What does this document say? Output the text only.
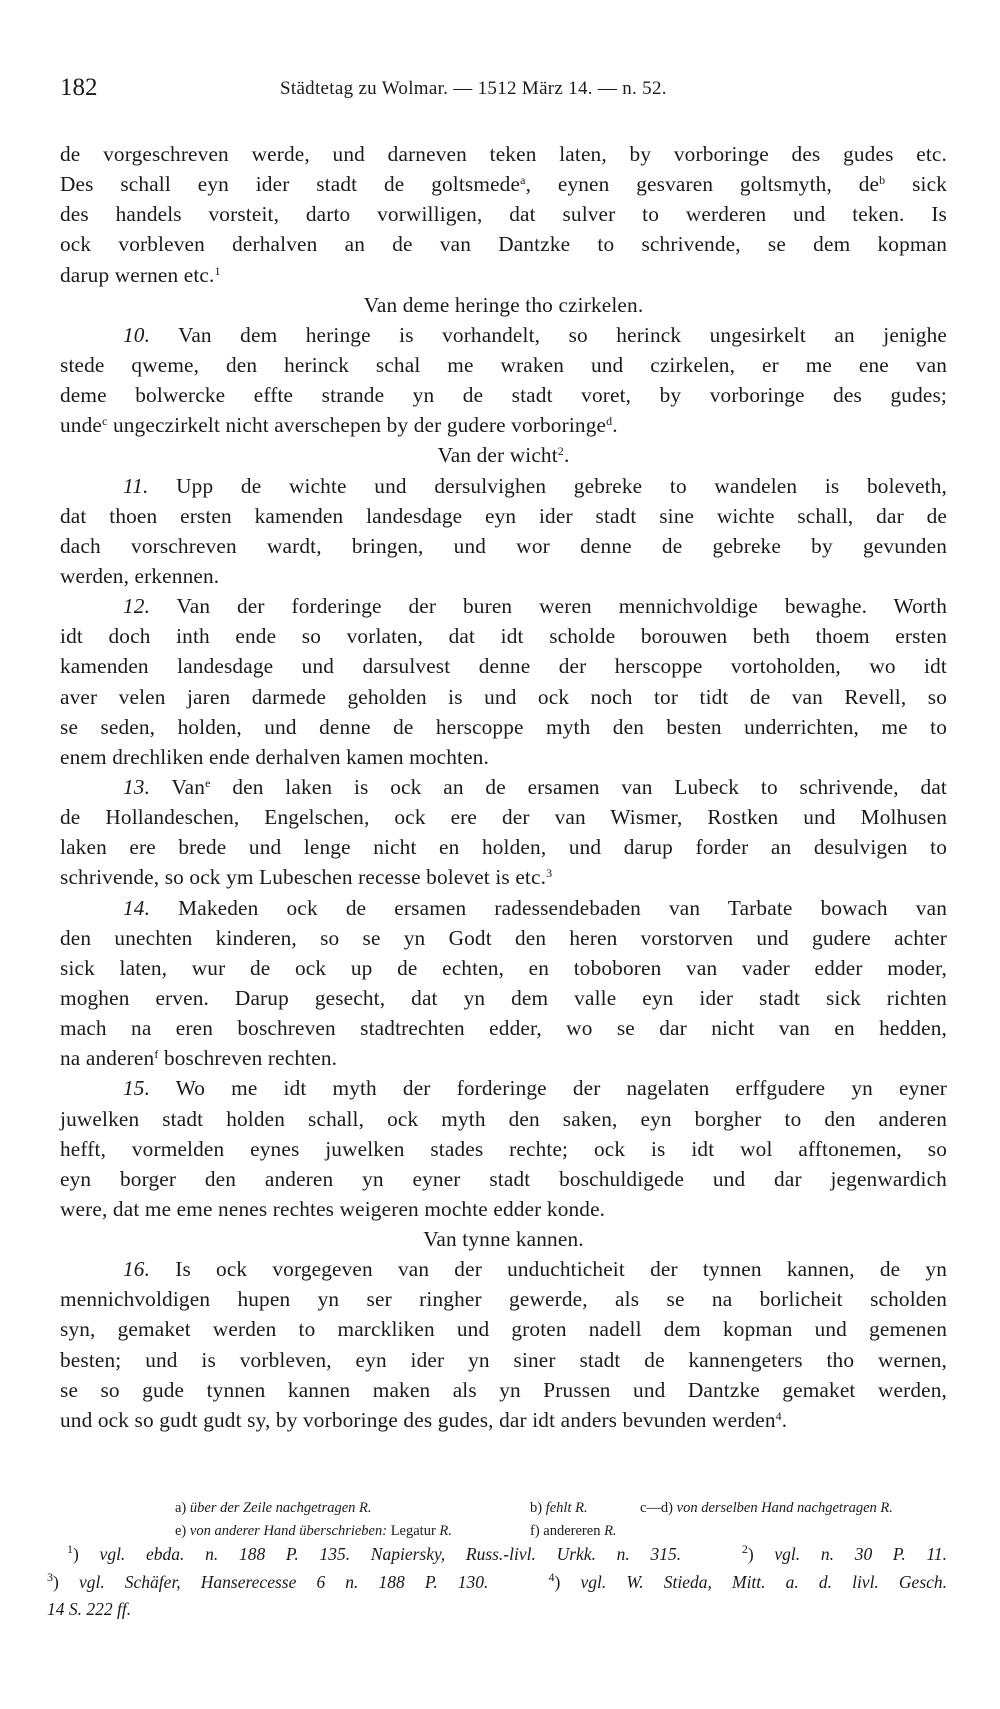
182	Städtetag zu Wolmar. — 1512 März 14. — n. 52.
de vorgeschreven werde, und darneven teken laten, by vorboringe des gudes etc.
Des schall eyn ider stadt de goltsmede$^a$, eynen gesvaren goltsmyth, $de^b$ sick
des handels vorsteit, darto vorwilligen, dat sulver to werderen und teken. Is
ock vorbleven derhalven an de van Dantzke to schrivende, se dem kopman
darup wernen etc.$^1$
Van deme heringe tho czirkelen.
10. Van dem heringe is vorhandelt, so herinck ungesirkelt an jenighe
stede qweme, den herinck schal me wraken und czirkelen, er me ene van
deme bolwercke effte strande yn de stadt voret, by vorboringe des gudes;
unde$^c$ ungeczirkelt nicht averschepen by der gudere vorboringe$^d$.
Van der wicht$^2$.
11. Upp de wichte und dersulvighen gebreke to wandelen is boleveth,
dat thoen ersten kamenden landesdage eyn ider stadt sine wichte schall, dar de
dach vorschreven wardt, bringen, und wor denne de gebreke by gevunden
werden, erkennen.
12. Van der forderinge der buren weren mennichvoldige bewaghe. Worth
idt doch inth ende so vorlaten, dat idt scholde borouwen beth thoem ersten
kamenden landesdage und darsulvest denne der herscoppe vortoholden, wo idt
aver velen jaren darmede geholden is und ock noch tor tidt de van Revell, so
se seden, holden, und denne de herscoppe myth den besten underrichten, me to
enem drechliken ende derhalven kamen mochten.
13. Van$^e$ den laken is ock an de ersamen van Lubeck to schrivende, dat
de Hollandeschen, Engelschen, ock ere der van Wismer, Rostken und Molhusen
laken ere brede und lenge nicht en holden, und darup forder an desulvigen to
schrivende, so ock ym Lubeschen recesse bolevet is etc.$^3$
14. Makeden ock de ersamen radessendebaden van Tarbate bowach van
den unechten kinderen, so se yn Godt den heren vorstorven und gudere achter
sick laten, wur de ock up de echten, en toboboren van vader edder moder,
moghen erven. Darup gesecht, dat yn dem valle eyn ider stadt sick richten
mach na eren boschreven stadtrechten edder, wo se dar nicht van en hedden,
na anderen$^f$ boschreven rechten.
15. Wo me idt myth der forderinge der nagelaten erffgudere yn eyner
juwelken stadt holden schall, ock myth den saken, eyn borgher to den anderen
hefft, vormelden eynes juwelken stades rechte; ock is idt wol afftonemen, so
eyn borger den anderen yn eyner stadt boschuldigede und dar jegenwardich
were, dat me eme nenes rechtes weigeren mochte edder konde.
Van tynne kannen.
16. Is ock vorgegeven van der unduchticheit der tynnen kannen, de yn
mennichvoldigen hupen yn ser ringher gewerde, als se na borlicheit scholden
syn, gemaket werden to marckliken und groten nadell dem kopman und gemenen
besten; und is vorbleven, eyn ider yn siner stadt de kannengeters tho wernen,
se so gude tynnen kannen maken als yn Prussen und Dantzke gemaket werden,
und ock so gudt gudt sy, by vorboringe des gudes, dar idt anders bevunden werden$^4$.
a) über der Zeile nachgetragen R.	b) fehlt R.	c—d) von derselben Hand nachgetragen R.
e) von anderer Hand überschrieben: Legatur R.	f) andereren R.
$^1$) vgl. ebda. n. 188 P. 135. Napiersky, Russ.-livl. Urkk. n. 315.	$^2$) vgl. n. 30 P. 11.
$^3$) vgl. Schäfer, Hanserecesse 6 n. 188 P. 130.	$^4$) vgl. W. Stieda, Mitt. a. d. livl. Gesch.
14 S. 222 ff.
